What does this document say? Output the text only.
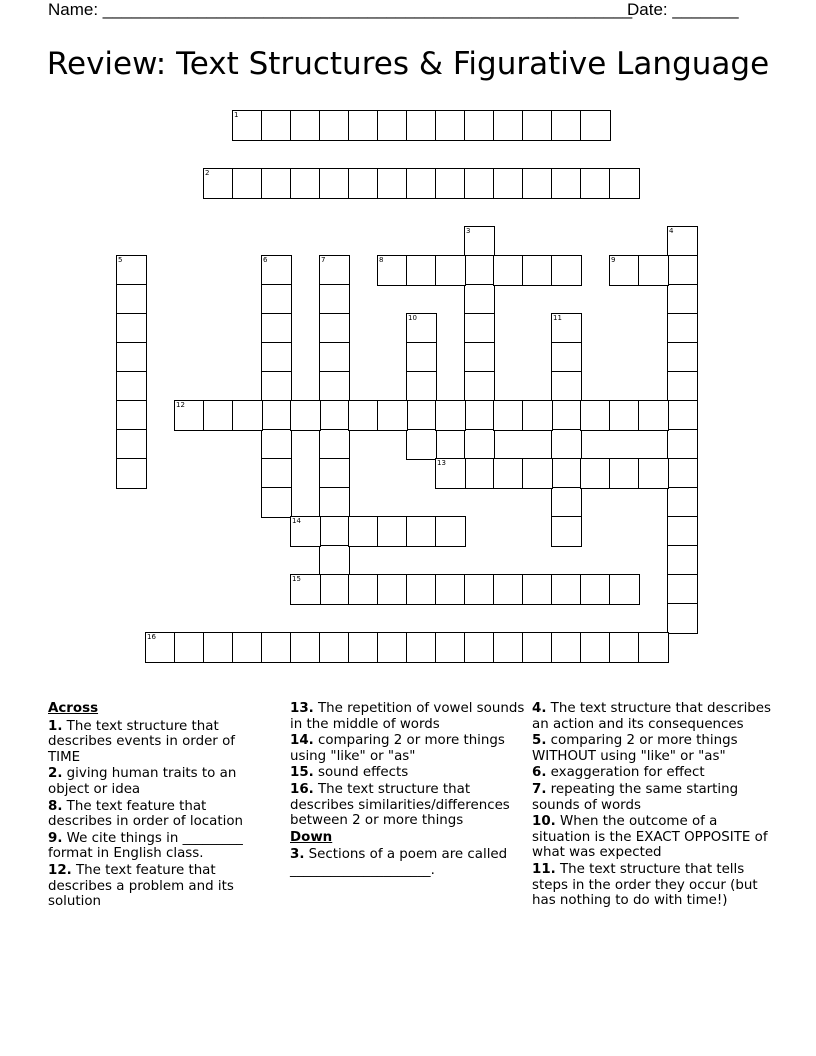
Name: ________________________________________________________
Date: _______
Review: Text Structures & Figurative Language
1
2
3	4
5	6	7	8	9
10	11
12
13
14
15
16
Across

1. The text structure that describes events in order of TIME

2. giving human traits to an object or idea

8. The text feature that describes in order of location

9. We cite things in _________ format in English class.

12. The text feature that describes a problem and its solution

13. The repetition of vowel sounds in the middle of words

14. comparing 2 or more things using "like" or "as"

15. sound effects

16. The text structure that describes similarities/differences between 2 or more things

Down

3. Sections of a poem are called _____________________.

4. The text structure that describes an action and its consequences

5. comparing 2 or more things WITHOUT using "like" or "as"

6. exaggeration for effect

7. repeating the same starting sounds of words

10. When the outcome of a situation is the EXACT OPPOSITE of what was expected

11. The text structure that tells steps in the order they occur (but has nothing to do with time!)
